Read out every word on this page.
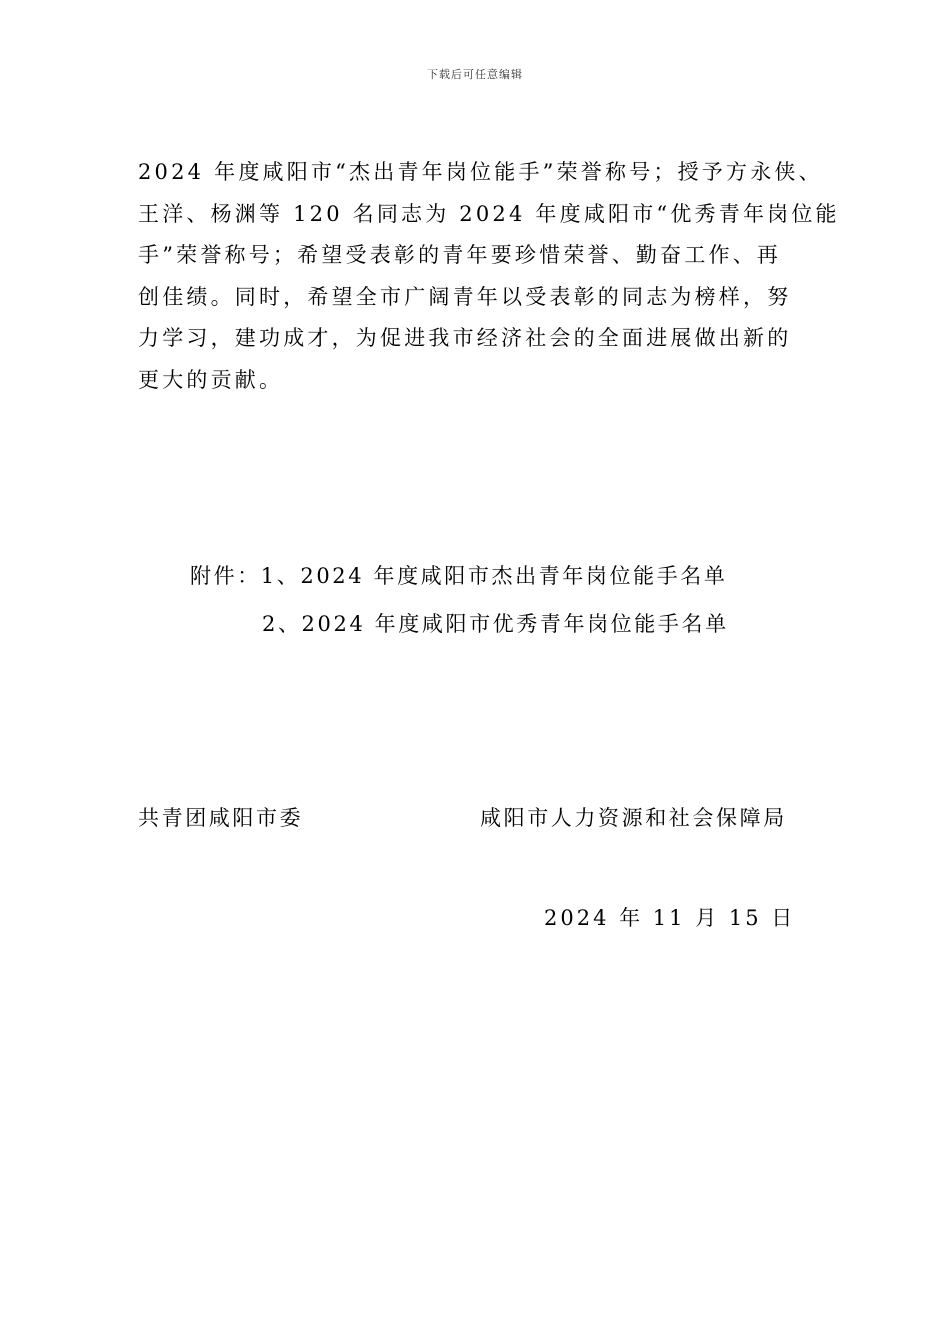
下载后可任意编辑
2024 年度咸阳市“杰出青年岗位能手”荣誉称号；授予方永侠、
王洋、杨渊等 120 名同志为 2024 年度咸阳市“优秀青年岗位能
手”荣誉称号；希望受表彰的青年要珍惜荣誉、勤奋工作、再
创佳绩。同时，希望全市广阔青年以受表彰的同志为榜样，努
力学习，建功成才，为促进我市经济社会的全面进展做出新的
更大的贡献。
附件：1、2024 年度咸阳市杰出青年岗位能手名单
2、2024 年度咸阳市优秀青年岗位能手名单
共青团咸阳市委	咸阳市人力资源和社会保障局
2024 年 11 月 15 日
